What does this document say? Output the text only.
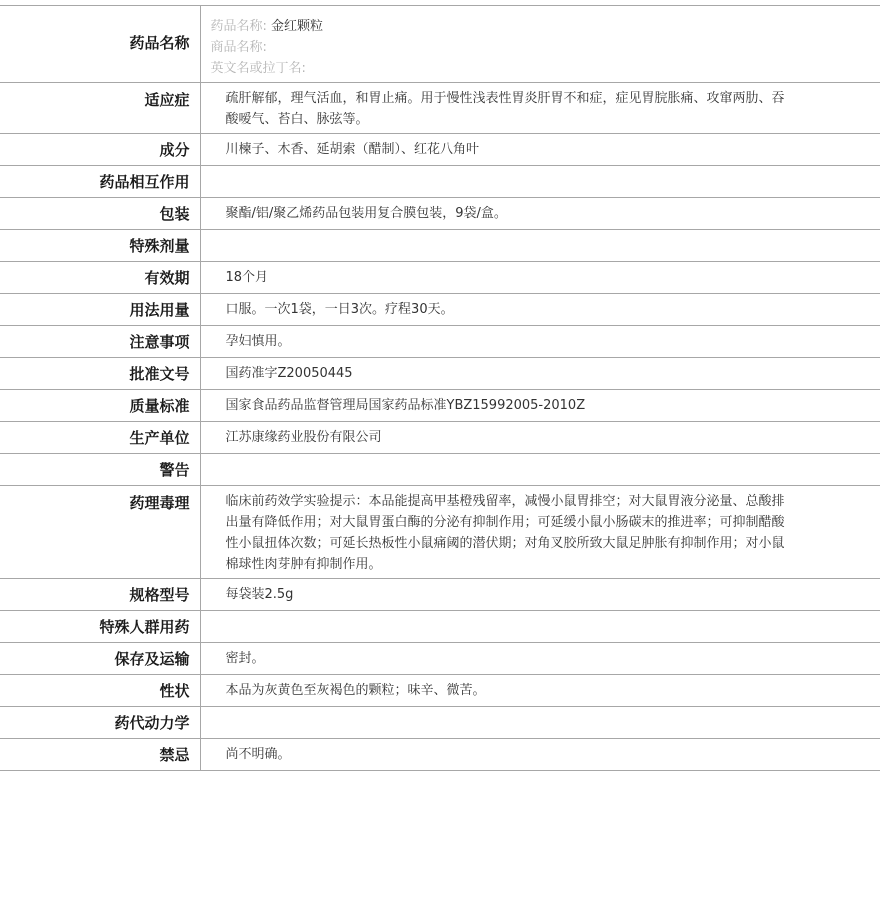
药品名称	药品名称: 金红颗粒
商品名称:
英文名或拉丁名:

适应症	疏肝解郁，理气活血，和胃止痛。用于慢性浅表性胃炎肝胃不和症，症见胃脘胀痛、攻窜两肋、吞酸嗳气、苔白、脉弦等。

成分	川楝子、木香、延胡索（醋制）、红花八角叶

药品相互作用	

包装	聚酯/铝/聚乙烯药品包装用复合膜包装，9袋/盒。

特殊剂量	

有效期	18个月

用法用量	口服。一次1袋，一日3次。疗程30天。

注意事项	孕妇慎用。

批准文号	国药准字Z20050445

质量标准	国家食品药品监督管理局国家药品标准YBZ15992005-2010Z

生产单位	江苏康缘药业股份有限公司

警告	

药理毒理	临床前药效学实验提示：本品能提高甲基橙残留率，减慢小鼠胃排空；对大鼠胃液分泌量、总酸排出量有降低作用；对大鼠胃蛋白酶的分泌有抑制作用；可延缓小鼠小肠碳末的推进率；可抑制醋酸性小鼠扭体次数；可延长热板性小鼠痛阈的潜伏期；对角叉胶所致大鼠足肿胀有抑制作用；对小鼠棉球性肉芽肿有抑制作用。

规格型号	每袋装2.5g

特殊人群用药	

保存及运输	密封。

性状	本品为灰黄色至灰褐色的颗粒；味辛、微苦。

药代动力学	

禁忌	尚不明确。
